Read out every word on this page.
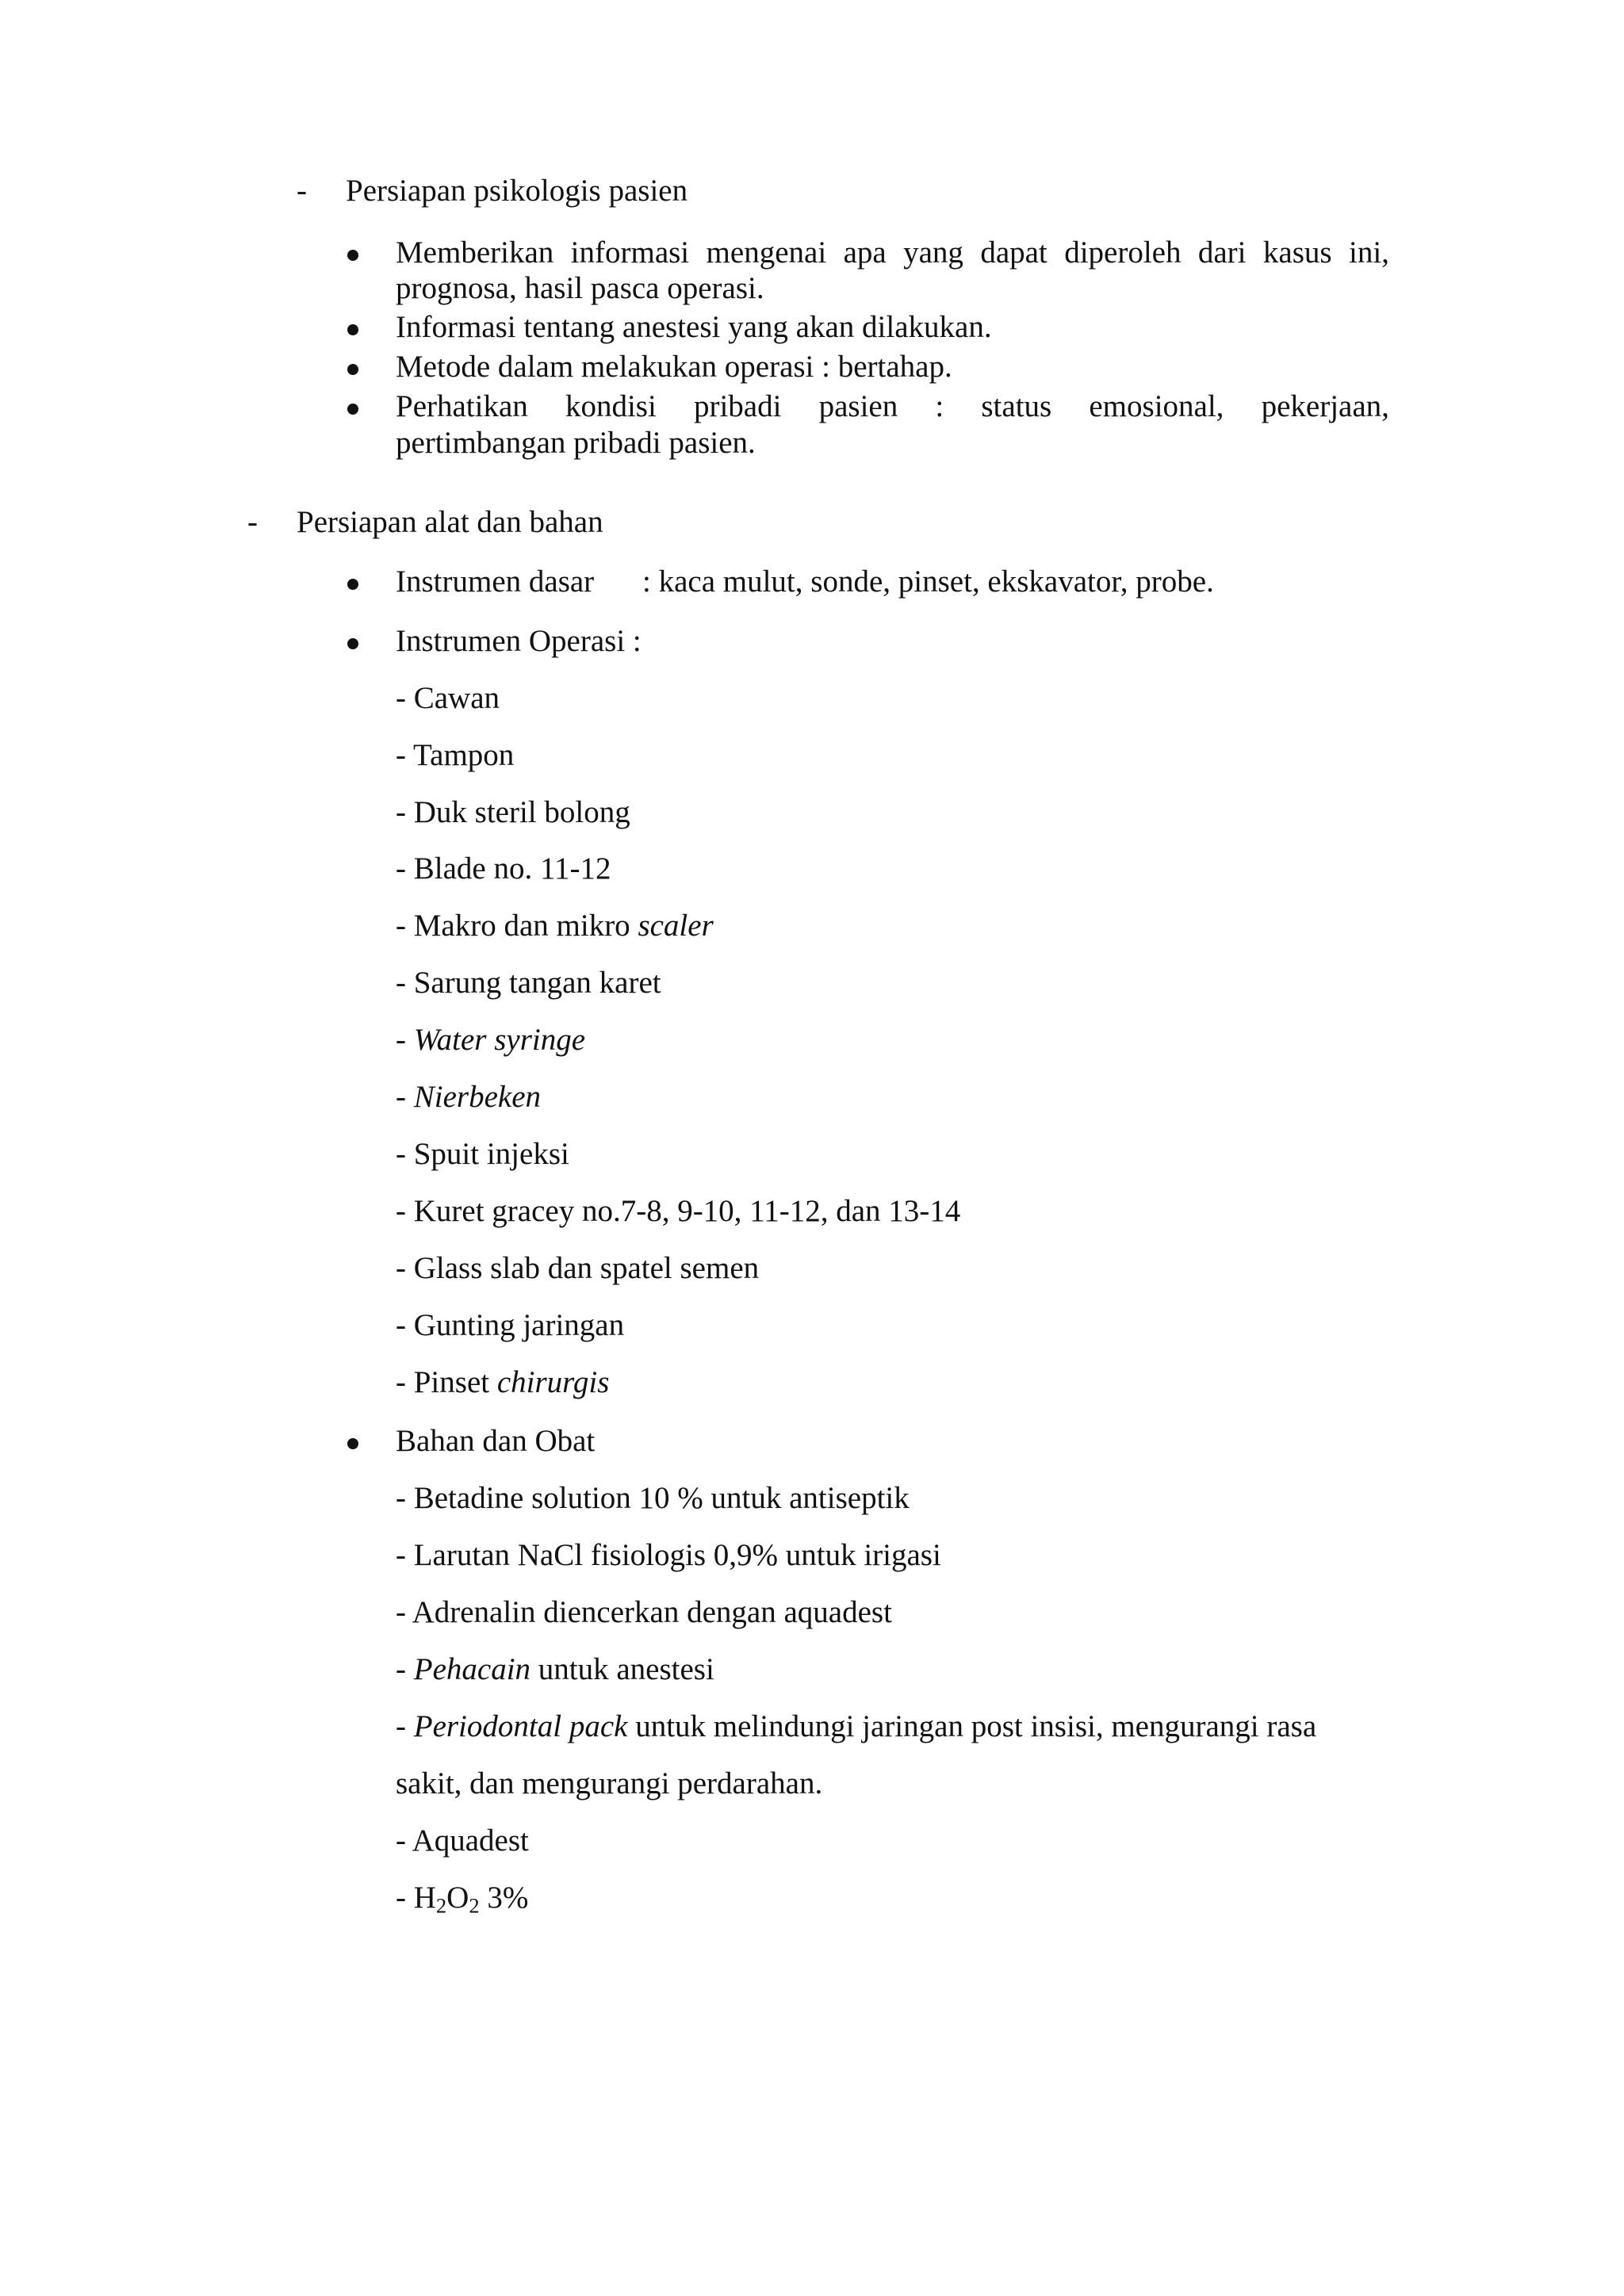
- Persiapan psikologis pasien
Memberikan informasi mengenai apa yang dapat diperoleh dari kasus ini,
prognosa, hasil pasca operasi.
Informasi tentang anestesi yang akan dilakukan.
Metode dalam melakukan operasi : bertahap.
Perhatikan kondisi pribadi pasien : status emosional, pekerjaan,
pertimbangan pribadi pasien.
- Persiapan alat dan bahan
Instrumen dasar : kaca mulut, sonde, pinset, ekskavator, probe.
Instrumen Operasi :
- Cawan
- Tampon
- Duk steril bolong
- Blade no. 11-12
- Makro dan mikro scaler
- Sarung tangan karet
- Water syringe
- Nierbeken
- Spuit injeksi
- Kuret gracey no.7-8, 9-10, 11-12, dan 13-14
- Glass slab dan spatel semen
- Gunting jaringan
- Pinset chirurgis
Bahan dan Obat
- Betadine solution 10 % untuk antiseptik
- Larutan NaCl fisiologis 0,9% untuk irigasi
- Adrenalin diencerkan dengan aquadest
- Pehacain untuk anestesi
- Periodontal pack untuk melindungi jaringan post insisi, mengurangi rasa
sakit, dan mengurangi perdarahan.
- Aquadest
- $H_2O_2$ 3%
